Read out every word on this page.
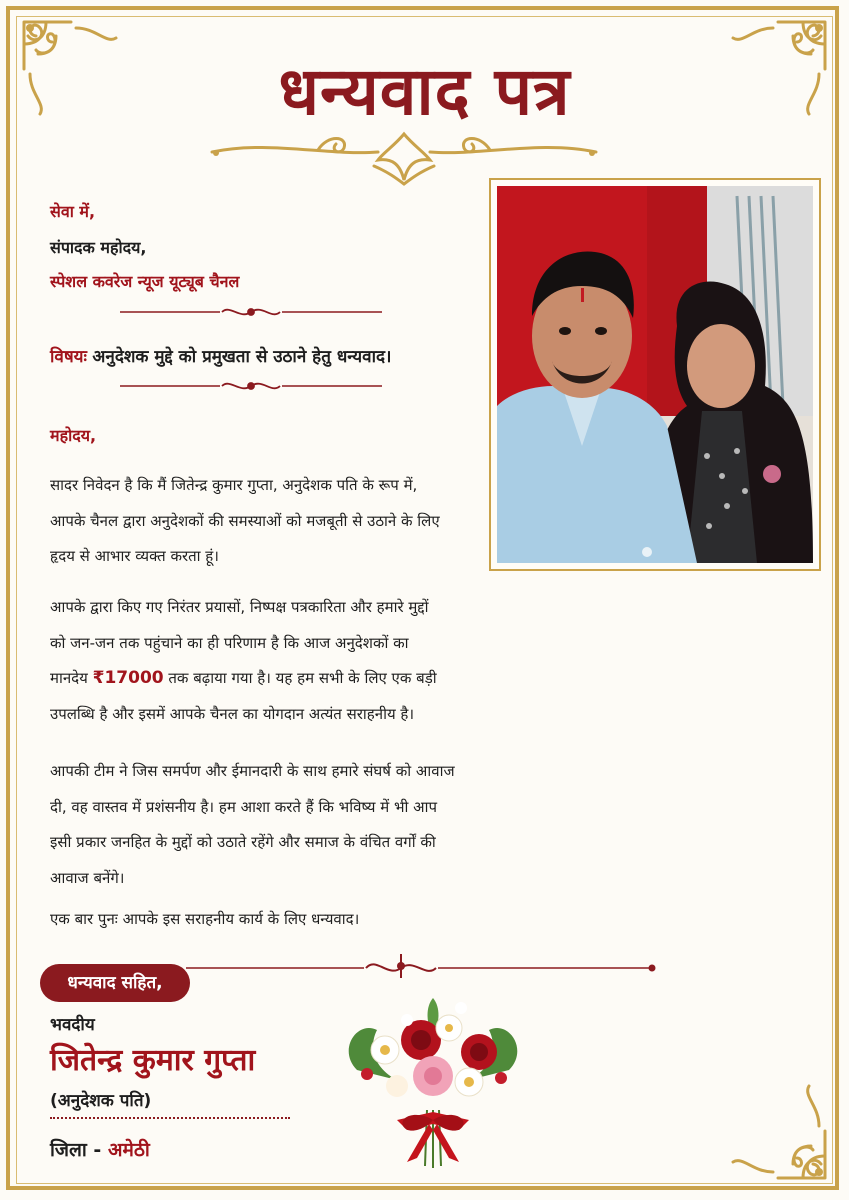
धन्यवाद पत्र
सेवा में,
संपादक महोदय,
स्पेशल कवरेज न्यूज यूट्यूब चैनल
विषयः अनुदेशक मुद्दे को प्रमुखता से उठाने हेतु धन्यवाद।
महोदय,
सादर निवेदन है कि मैं जितेन्द्र कुमार गुप्ता, अनुदेशक पति के रूप में,
आपके चैनल द्वारा अनुदेशकों की समस्याओं को मजबूती से उठाने के लिए
हृदय से आभार व्यक्त करता हूं।
आपके द्वारा किए गए निरंतर प्रयासों, निष्पक्ष पत्रकारिता और हमारे मुद्दों
को जन-जन तक पहुंचाने का ही परिणाम है कि आज अनुदेशकों का
मानदेय ₹17000 तक बढ़ाया गया है। यह हम सभी के लिए एक बड़ी
उपलब्धि है और इसमें आपके चैनल का योगदान अत्यंत सराहनीय है।
आपकी टीम ने जिस समर्पण और ईमानदारी के साथ हमारे संघर्ष को आवाज
दी, वह वास्तव में प्रशंसनीय है। हम आशा करते हैं कि भविष्य में भी आप
इसी प्रकार जनहित के मुद्दों को उठाते रहेंगे और समाज के वंचित वर्गों की
आवाज बनेंगे।
एक बार पुनः आपके इस सराहनीय कार्य के लिए धन्यवाद।
धन्यवाद सहित,
भवदीय
जितेन्द्र कुमार गुप्ता
(अनुदेशक पति)
जिला - अमेठी
